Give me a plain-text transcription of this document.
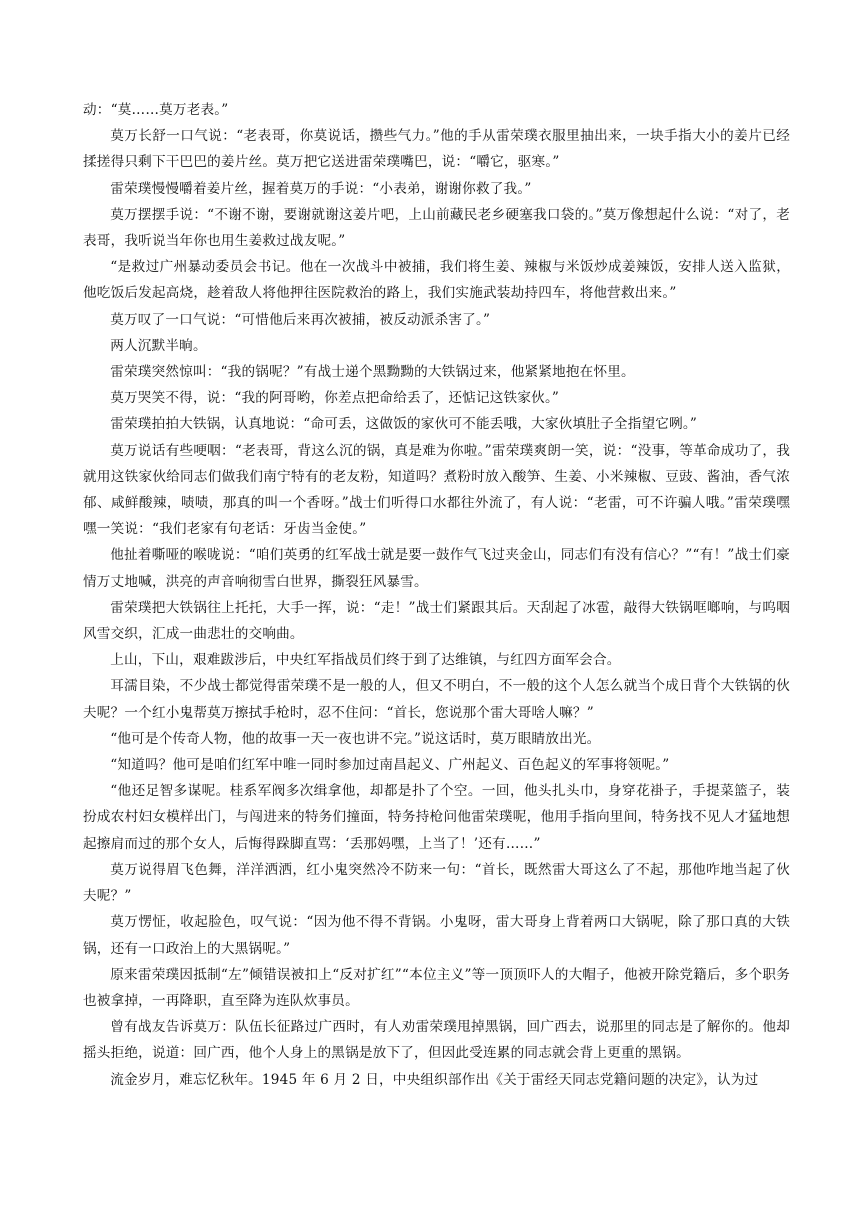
动：“莫……莫万老表。”

莫万长舒一口气说：“老表哥，你莫说话，攒些气力。”他的手从雷荣璞衣服里抽出来，一块手指大小的姜片已经揉搓得只剩下干巴巴的姜片丝。莫万把它送进雷荣璞嘴巴，说：“嚼它，驱寒。”

雷荣璞慢慢嚼着姜片丝，握着莫万的手说：“小表弟，谢谢你救了我。”

莫万摆摆手说：“不谢不谢，要谢就谢这姜片吧，上山前藏民老乡硬塞我口袋的。”莫万像想起什么说：“对了，老表哥，我听说当年你也用生姜救过战友呢。”

“是救过广州暴动委员会书记。他在一次战斗中被捕，我们将生姜、辣椒与米饭炒成姜辣饭，安排人送入监狱，他吃饭后发起高烧，趁着敌人将他押往医院救治的路上，我们实施武装劫持四车，将他营救出来。”

莫万叹了一口气说：“可惜他后来再次被捕，被反动派杀害了。”

两人沉默半晌。

雷荣璞突然惊叫：“我的锅呢？”有战士递个黑黝黝的大铁锅过来，他紧紧地抱在怀里。

莫万哭笑不得，说：“我的阿哥哟，你差点把命给丢了，还惦记这铁家伙。”

雷荣璞拍拍大铁锅，认真地说：“命可丢，这做饭的家伙可不能丢哦，大家伙填肚子全指望它咧。”

莫万说话有些哽咽：“老表哥，背这么沉的锅，真是难为你啦。”雷荣璞爽朗一笑，说：“没事，等革命成功了，我就用这铁家伙给同志们做我们南宁特有的老友粉，知道吗？煮粉时放入酸笋、生姜、小米辣椒、豆豉、酱油，香气浓郁、咸鲜酸辣，啧啧，那真的叫一个香呀。”战士们听得口水都往外流了，有人说：“老雷，可不许骗人哦。”雷荣璞嘿嘿一笑说：“我们老家有句老话：牙齿当金使。”

他扯着嘶哑的喉咙说：“咱们英勇的红军战士就是要一鼓作气飞过夹金山，同志们有没有信心？”“有！”战士们豪情万丈地喊，洪亮的声音响彻雪白世界，撕裂狂风暴雪。

雷荣璞把大铁锅往上托托，大手一挥，说：“走！”战士们紧跟其后。天刮起了冰雹，敲得大铁锅哐啷响，与呜咽风雪交织，汇成一曲悲壮的交响曲。

上山，下山，艰难跋涉后，中央红军指战员们终于到了达维镇，与红四方面军会合。

耳濡目染，不少战士都觉得雷荣璞不是一般的人，但又不明白，不一般的这个人怎么就当个成日背个大铁锅的伙夫呢？一个红小鬼帮莫万擦拭手枪时，忍不住问：“首长，您说那个雷大哥啥人嘛？”

“他可是个传奇人物，他的故事一天一夜也讲不完。”说这话时，莫万眼睛放出光。

“知道吗？他可是咱们红军中唯一同时参加过南昌起义、广州起义、百色起义的军事将领呢。”

“他还足智多谋呢。桂系军阀多次缉拿他，却都是扑了个空。一回，他头扎头巾，身穿花褂子，手提菜篮子，装扮成农村妇女模样出门，与闯进来的特务们撞面，特务持枪问他雷荣璞呢，他用手指向里间，特务找不见人才猛地想起擦肩而过的那个女人，后悔得跺脚直骂：‘丢那妈嘿，上当了！’还有……”

莫万说得眉飞色舞，洋洋洒洒，红小鬼突然冷不防来一句：“首长，既然雷大哥这么了不起，那他咋地当起了伙夫呢？”

莫万愣怔，收起脸色，叹气说：“因为他不得不背锅。小鬼呀，雷大哥身上背着两口大锅呢，除了那口真的大铁锅，还有一口政治上的大黑锅呢。”

原来雷荣璞因抵制“左”倾错误被扣上“反对扩红”“本位主义”等一顶顶吓人的大帽子，他被开除党籍后，多个职务也被拿掉，一再降职，直至降为连队炊事员。

曾有战友告诉莫万：队伍长征路过广西时，有人劝雷荣璞甩掉黑锅，回广西去，说那里的同志是了解你的。他却摇头拒绝，说道：回广西，他个人身上的黑锅是放下了，但因此受连累的同志就会背上更重的黑锅。

流金岁月，难忘忆秋年。1945 年 6 月 2 日，中央组织部作出《关于雷经天同志党籍问题的决定》，认为过
